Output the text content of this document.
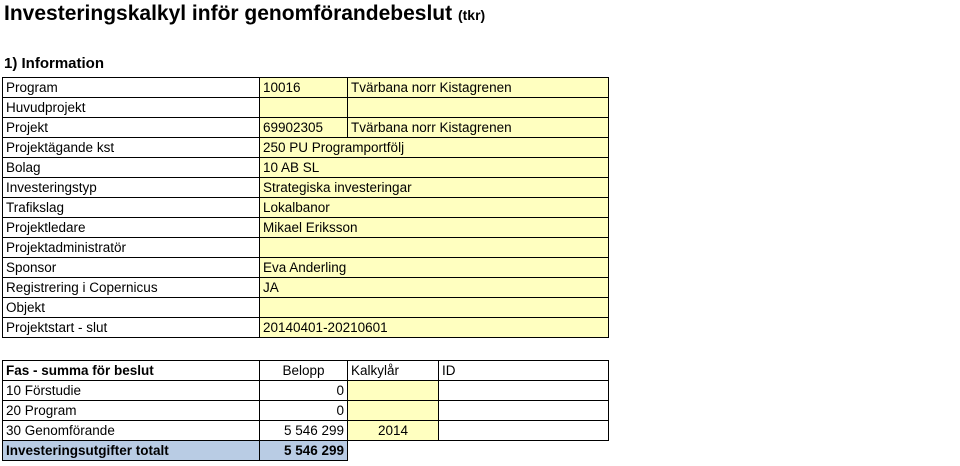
Investeringskalkyl inför genomförandebeslut (tkr)
1) Information
Program	10016	Tvärbana norr Kistagrenen
Huvudprojekt
Projekt	69902305	Tvärbana norr Kistagrenen
Projektägande kst	250 PU Programportfölj
Bolag	10 AB SL
Investeringstyp	Strategiska investeringar
Trafikslag	Lokalbanor
Projektledare	Mikael Eriksson
Projektadministratör
Sponsor	Eva Anderling
Registrering i Copernicus	JA
Objekt
Projektstart - slut	20140401-20210601
Fas - summa för beslut	Belopp	Kalkylår	ID
10 Förstudie	0
20 Program	0
30 Genomförande	5 546 299	2014
Investeringsutgifter totalt	5 546 299
